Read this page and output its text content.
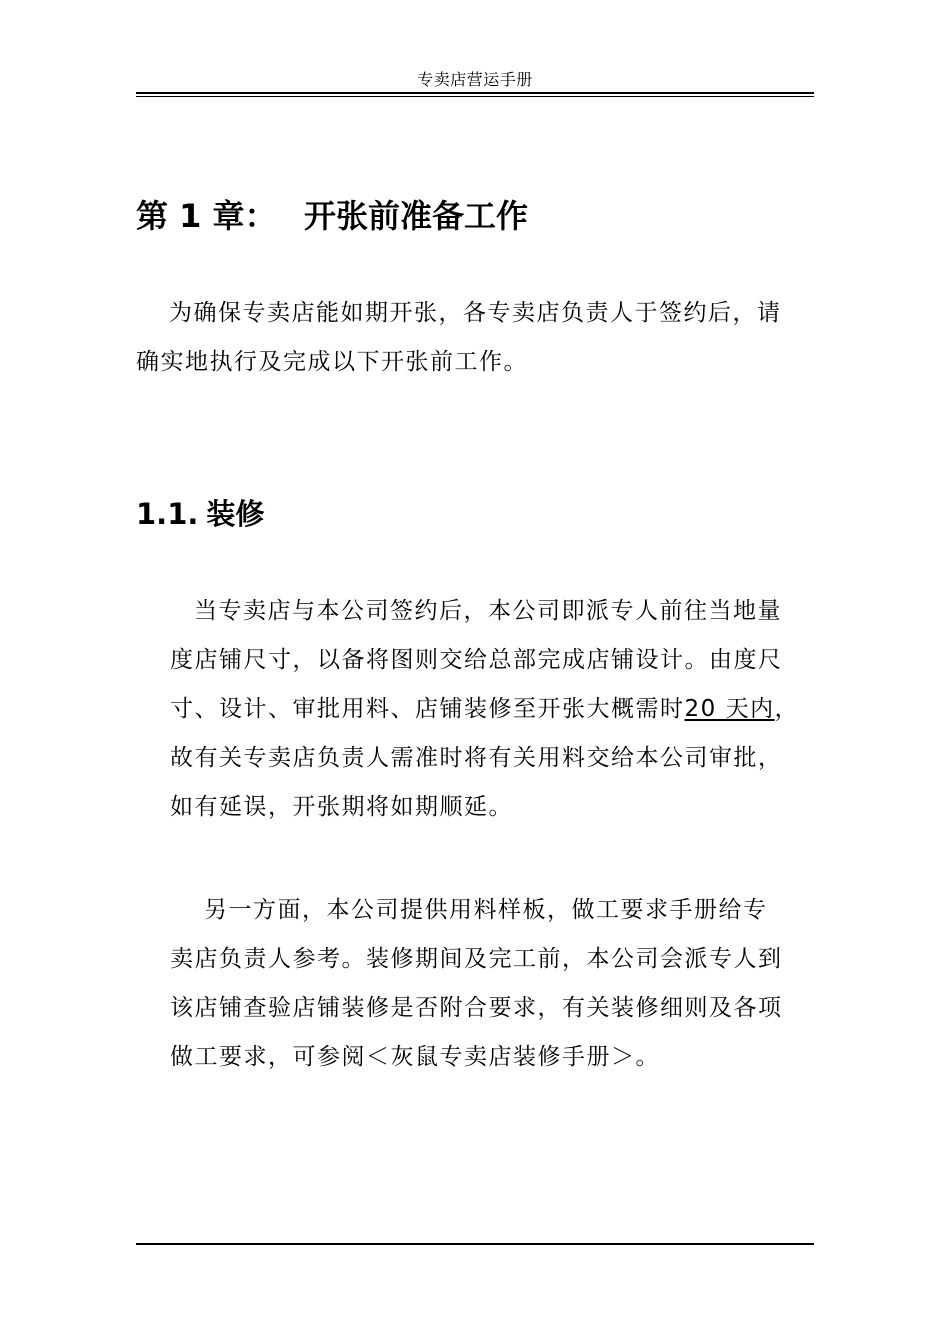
专卖店营运手册
第 1 章： 开张前准备工作
为确保专卖店能如期开张，各专卖店负责人于签约后，请
确实地执行及完成以下开张前工作。
1.1. 装修
当专卖店与本公司签约后，本公司即派专人前往当地量
度店铺尺寸，以备将图则交给总部完成店铺设计。由度尺
寸、设计、审批用料、店铺装修至开张大概需时20 天内，
故有关专卖店负责人需准时将有关用料交给本公司审批，
如有延误，开张期将如期顺延。
另一方面，本公司提供用料样板，做工要求手册给专
卖店负责人参考。装修期间及完工前，本公司会派专人到
该店铺查验店铺装修是否附合要求，有关装修细则及各项
做工要求，可参阅＜灰鼠专卖店装修手册＞。
